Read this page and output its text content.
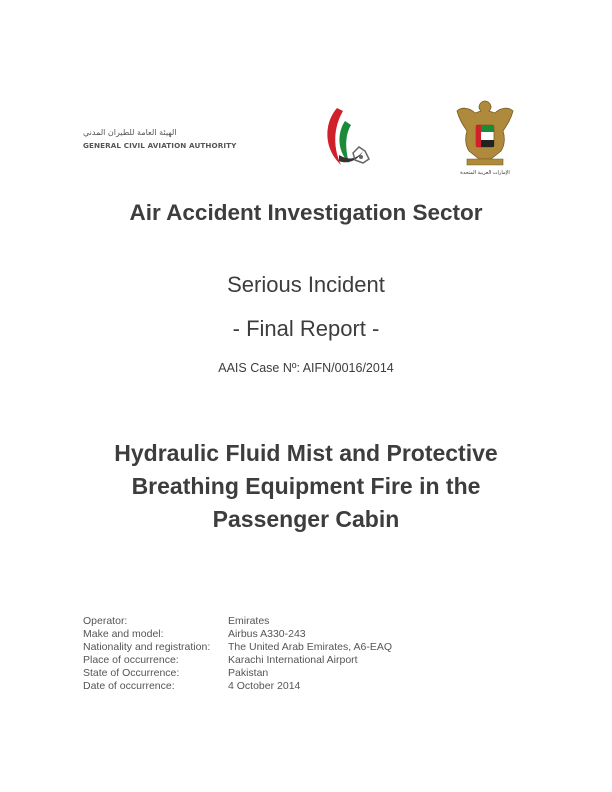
الهيئة العامة للطيران المدني
GENERAL CIVIL AVIATION AUTHORITY
الإمارات العربية المتحدة
Air Accident Investigation Sector
Serious Incident
- Final Report -
AAIS Case Nº: AIFN/0016/2014
Hydraulic Fluid Mist and Protective
Breathing Equipment Fire in the
Passenger Cabin
Operator:	Emirates
Make and model:	Airbus A330-243
Nationality and registration: The United Arab Emirates, A6-EAQ
Place of occurrence:	Karachi International Airport
State of Occurrence:	Pakistan
Date of occurrence:	4 October 2014
